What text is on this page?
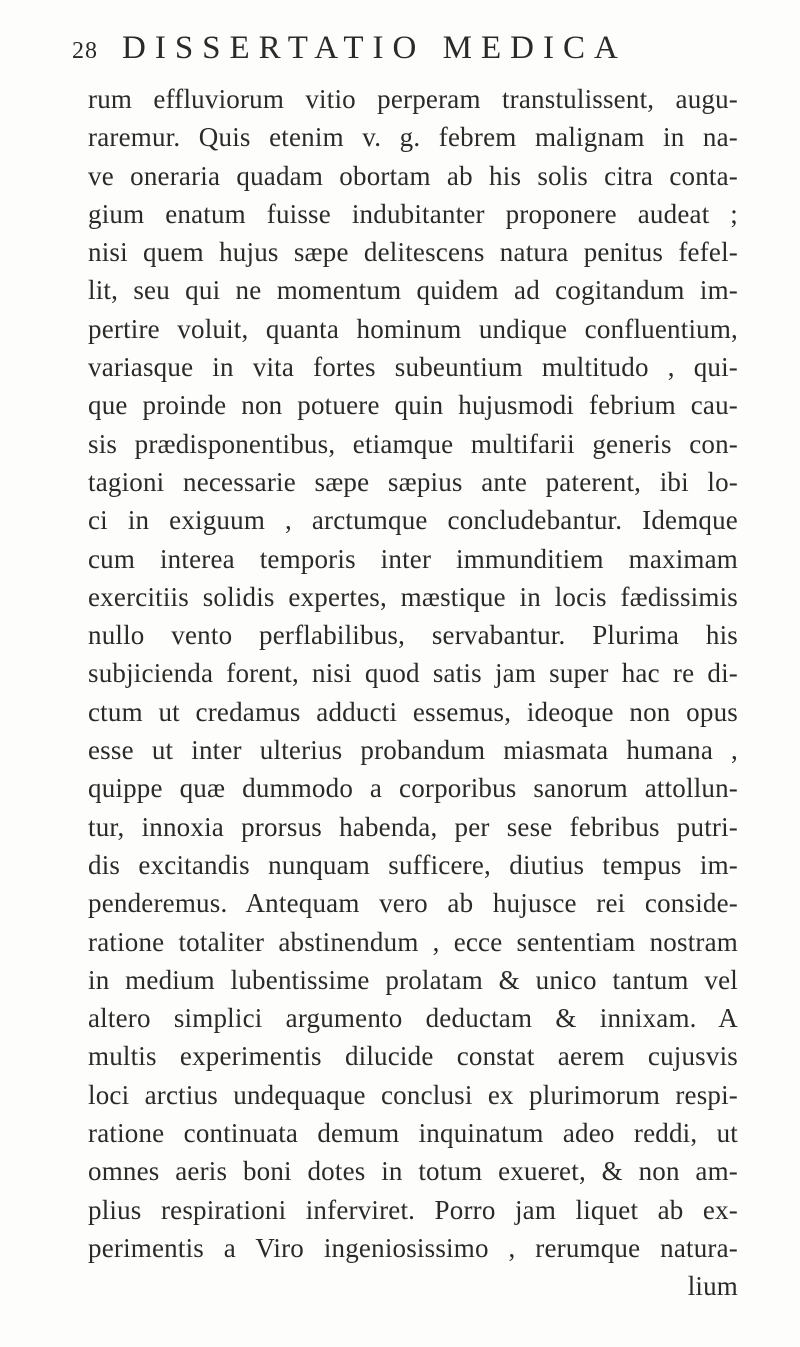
28 DISSERTATIO MEDICA
rum effluviorum vitio perperam transtulissent, augu-
raremur. Quis etenim v. g. febrem malignam in na-
ve oneraria quadam obortam ab his solis citra conta-
gium enatum fuisse indubitanter proponere audeat ;
nisi quem hujus sæpe delitescens natura penitus fefel-
lit, seu qui ne momentum quidem ad cogitandum im-
pertire voluit, quanta hominum undique confluentium,
variasque in vita fortes subeuntium multitudo , qui-
que proinde non potuere quin hujusmodi febrium cau-
sis prædisponentibus, etiamque multifarii generis con-
tagioni necessarie sæpe sæpius ante paterent, ibi lo-
ci in exiguum , arctumque concludebantur. Idemque
cum interea temporis inter immunditiem maximam
exercitiis solidis expertes, mæstique in locis fædissimis
nullo vento perflabilibus, servabantur. Plurima his
subjicienda forent, nisi quod satis jam super hac re di-
ctum ut credamus adducti essemus, ideoque non opus
esse ut inter ulterius probandum miasmata humana ,
quippe quæ dummodo a corporibus sanorum attollun-
tur, innoxia prorsus habenda, per sese febribus putri-
dis excitandis nunquam sufficere, diutius tempus im-
penderemus. Antequam vero ab hujusce rei conside-
ratione totaliter abstinendum , ecce sententiam nostram
in medium lubentissime prolatam & unico tantum vel
altero simplici argumento deductam & innixam. A
multis experimentis dilucide constat aerem cujusvis
loci arctius undequaque conclusi ex plurimorum respi-
ratione continuata demum inquinatum adeo reddi, ut
omnes aeris boni dotes in totum exueret, & non am-
plius respirationi inferviret. Porro jam liquet ab ex-
perimentis a Viro ingeniosissimo , rerumque natura-
lium
